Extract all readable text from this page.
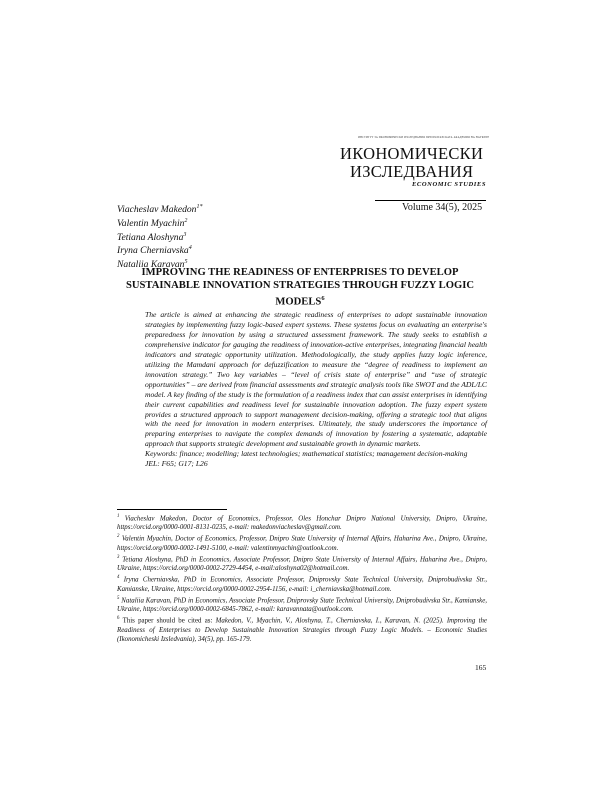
ИНСТИТУТ ЗА ИКОНОМИЧЕСКИ ИЗСЛЕДВАНИЯ ПРИ БЪЛГАРСКАТА АКАДЕМИЯ НА НАУКИТЕ
ИКОНОМИЧЕСКИ
ИЗСЛЕДВАНИЯ
ECONOMIC STUDIES
Volume 34(5), 2025
Viacheslav Makedon$^{1*}$
Valentin Myachin$^2$
Tetiana Aloshyna$^3$
Iryna Cherniavska$^4$
Nataliia Karavan$^5$
IMPROVING THE READINESS OF ENTERPRISES TO DEVELOP SUSTAINABLE INNOVATION STRATEGIES THROUGH FUZZY LOGIC MODELS$^6$

The article is aimed at enhancing the strategic readiness of enterprises to adopt sustainable innovation strategies by implementing fuzzy logic-based expert systems. These systems focus on evaluating an enterprise's preparedness for innovation by using a structured assessment framework. The study seeks to establish a comprehensive indicator for gauging the readiness of innovation-active enterprises, integrating financial health indicators and strategic opportunity utilization. Methodologically, the study applies fuzzy logic inference, utilizing the Mamdani approach for defuzzification to measure the “degree of readiness to implement an innovation strategy.” Two key variables – “level of crisis state of enterprise” and “use of strategic opportunities” – are derived from financial assessments and strategic analysis tools like SWOT and the ADL/LC model. A key finding of the study is the formulation of a readiness index that can assist enterprises in identifying their current capabilities and readiness level for sustainable innovation adoption. The fuzzy expert system provides a structured approach to support management decision-making, offering a strategic tool that aligns with the need for innovation in modern enterprises. Ultimately, the study underscores the importance of preparing enterprises to navigate the complex demands of innovation by fostering a systematic, adaptable approach that supports strategic development and sustainable growth in dynamic markets.

Keywords: finance; modelling; latest technologies; mathematical statistics; management decision-making

JEL: F65; G17; L26

$^1$ Viacheslav Makedon, Doctor of Economics, Professor, Oles Honchar Dnipro National University, Dnipro, Ukraine, https://orcid.org/0000-0001-8131-0235, e-mail: makedonviacheslav@gmail.com.

$^2$ Valentin Myachin, Doctor of Economics, Professor, Dnipro State University of Internal Affairs, Haharina Ave., Dnipro, Ukraine, https://orcid.org/0000-0002-1491-5100, e-mail: valentinmyachin@outlook.com.

$^3$ Tetiana Aloshyna, PhD in Economics, Associate Professor, Dnipro State University of Internal Affairs, Haharina Ave., Dnipro, Ukraine, https://orcid.org/0000-0002-2729-4454, e-mail:aloshyna02@hotmail.com.

$^4$ Iryna Cherniavska, PhD in Economics, Associate Professor, Dniprovsky State Technical University, Dniprobudivska Str., Kamianske, Ukraine, https://orcid.org/0000-0002-2954-1156, e-mail: i_cherniavska@hotmail.com.

$^5$ Nataliia Karavan, PhD in Economics, Associate Professor, Dniprovsky State Technical University, Dniprobudivska Str., Kamianske, Ukraine, https://orcid.org/0000-0002-6845-7862, e-mail: karavannata@outlook.com.

$^6$ This paper should be cited as: Makedon, V., Myachin, V., Aloshyna, T., Cherniavska, I., Karavan, N. (2025). Improving the Readiness of Enterprises to Develop Sustainable Innovation Strategies through Fuzzy Logic Models. – Economic Studies (Ikonomicheski Izsledvania), 34(5), pp. 165-179.

165
